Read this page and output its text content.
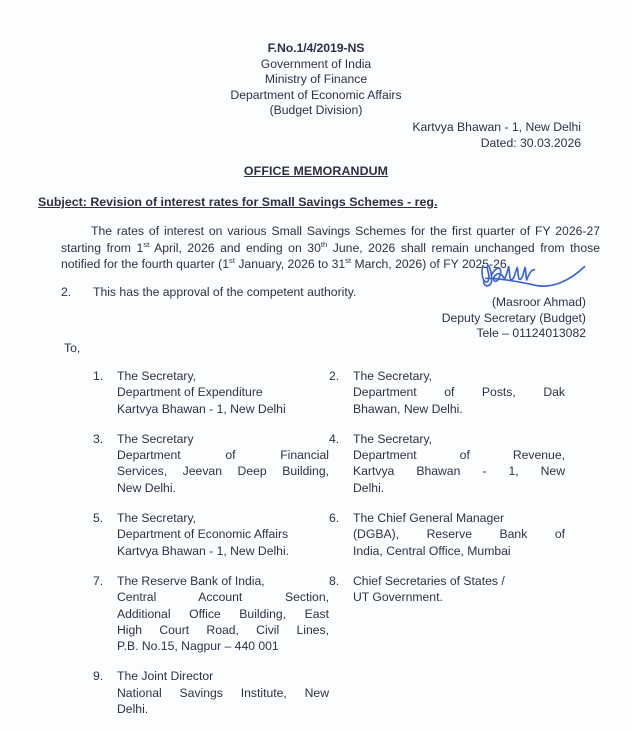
F.No.1/4/2019-NS
Government of India
Ministry of Finance
Department of Economic Affairs
(Budget Division)
Kartvya Bhawan - 1, New Delhi
Dated: 30.03.2026
OFFICE MEMORANDUM
Subject: Revision of interest rates for Small Savings Schemes - reg.

The rates of interest on various Small Savings Schemes for the first quarter of FY 2026-27 starting from 1st April, 2026 and ending on 30th June, 2026 shall remain unchanged from those notified for the fourth quarter (1st January, 2026 to 31st March, 2026) of FY 2025-26.

2.	This has the approval of the competent authority.
(Masroor Ahmad)
Deputy Secretary (Budget)
Tele – 01124013082
To,
1.	The Secretary,
Department of Expenditure
Kartvya Bhawan - 1, New Delhi
3.	The Secretary
Department of Financial
Services, Jeevan Deep Building,
New Delhi.
5.	The Secretary,
Department of Economic Affairs
Kartvya Bhawan - 1, New Delhi.
7.	The Reserve Bank of India,
Central Account Section,
Additional Office Building, East
High Court Road, Civil Lines,
P.B. No.15, Nagpur – 440 001
9.	The Joint Director
National Savings Institute, New
Delhi.
2.	The Secretary,
Department of Posts, Dak
Bhawan, New Delhi.
4.	The Secretary,
Department of Revenue,
Kartvya Bhawan - 1, New
Delhi.
6.	The Chief General Manager
(DGBA), Reserve Bank of
India, Central Office, Mumbai
8.	Chief Secretaries of States /
UT Government.
